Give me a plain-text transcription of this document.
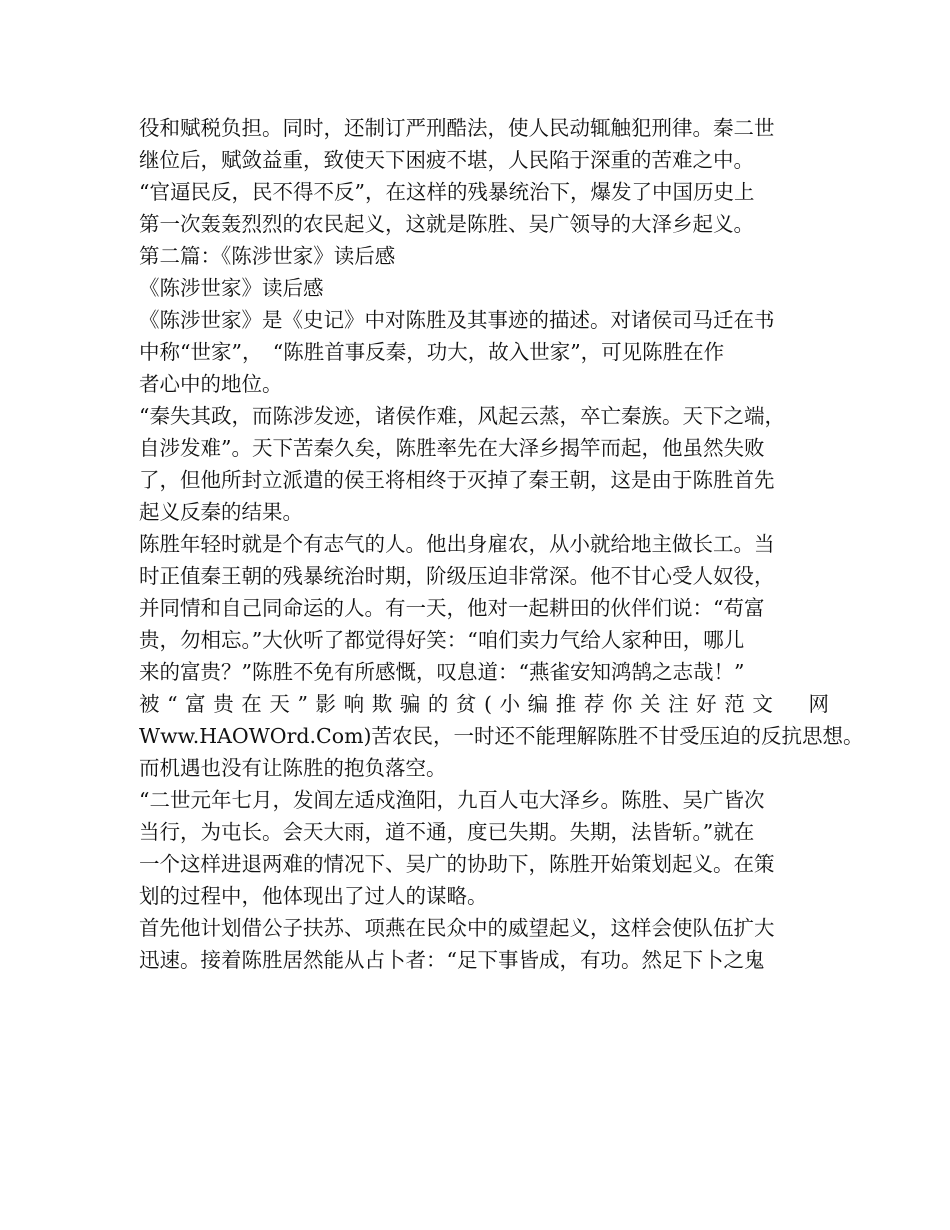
役和赋税负担。同时，还制订严刑酷法，使人民动辄触犯刑律。秦二世
继位后，赋敛益重，致使天下困疲不堪，人民陷于深重的苦难之中。
“官逼民反，民不得不反”，在这样的残暴统治下，爆发了中国历史上
第一次轰轰烈烈的农民起义，这就是陈胜、吴广领导的大泽乡起义。
第二篇：《陈涉世家》读后感
《陈涉世家》读后感
《陈涉世家》是《史记》中对陈胜及其事迹的描述。对诸侯司马迁在书
中称“世家”，　“陈胜首事反秦，功大，故入世家”，可见陈胜在作
者心中的地位。
“秦失其政，而陈涉发迹，诸侯作难，风起云蒸，卒亡秦族。天下之端，
自涉发难”。天下苦秦久矣，陈胜率先在大泽乡揭竿而起，他虽然失败
了，但他所封立派遣的侯王将相终于灭掉了秦王朝，这是由于陈胜首先
起义反秦的结果。
陈胜年轻时就是个有志气的人。他出身雇农，从小就给地主做长工。当
时正值秦王朝的残暴统治时期，阶级压迫非常深。他不甘心受人奴役，
并同情和自己同命运的人。有一天，他对一起耕田的伙伴们说：“苟富
贵，勿相忘。”大伙听了都觉得好笑：“咱们卖力气给人家种田，哪儿
来的富贵？”陈胜不免有所感慨，叹息道：“燕雀安知鸿鹄之志哉！”
被“富贵在天”影响欺骗的贫(小编推荐你关注好范文　网
Www.HAOWOrd.Com)苦农民，一时还不能理解陈胜不甘受压迫的反抗思想。
而机遇也没有让陈胜的抱负落空。
“二世元年七月，发闾左适戍渔阳，九百人屯大泽乡。陈胜、吴广皆次
当行，为屯长。会天大雨，道不通，度已失期。失期，法皆斩。”就在
一个这样进退两难的情况下、吴广的协助下，陈胜开始策划起义。在策
划的过程中，他体现出了过人的谋略。
首先他计划借公子扶苏、项燕在民众中的威望起义，这样会使队伍扩大
迅速。接着陈胜居然能从占卜者：“足下事皆成，有功。然足下卜之鬼
